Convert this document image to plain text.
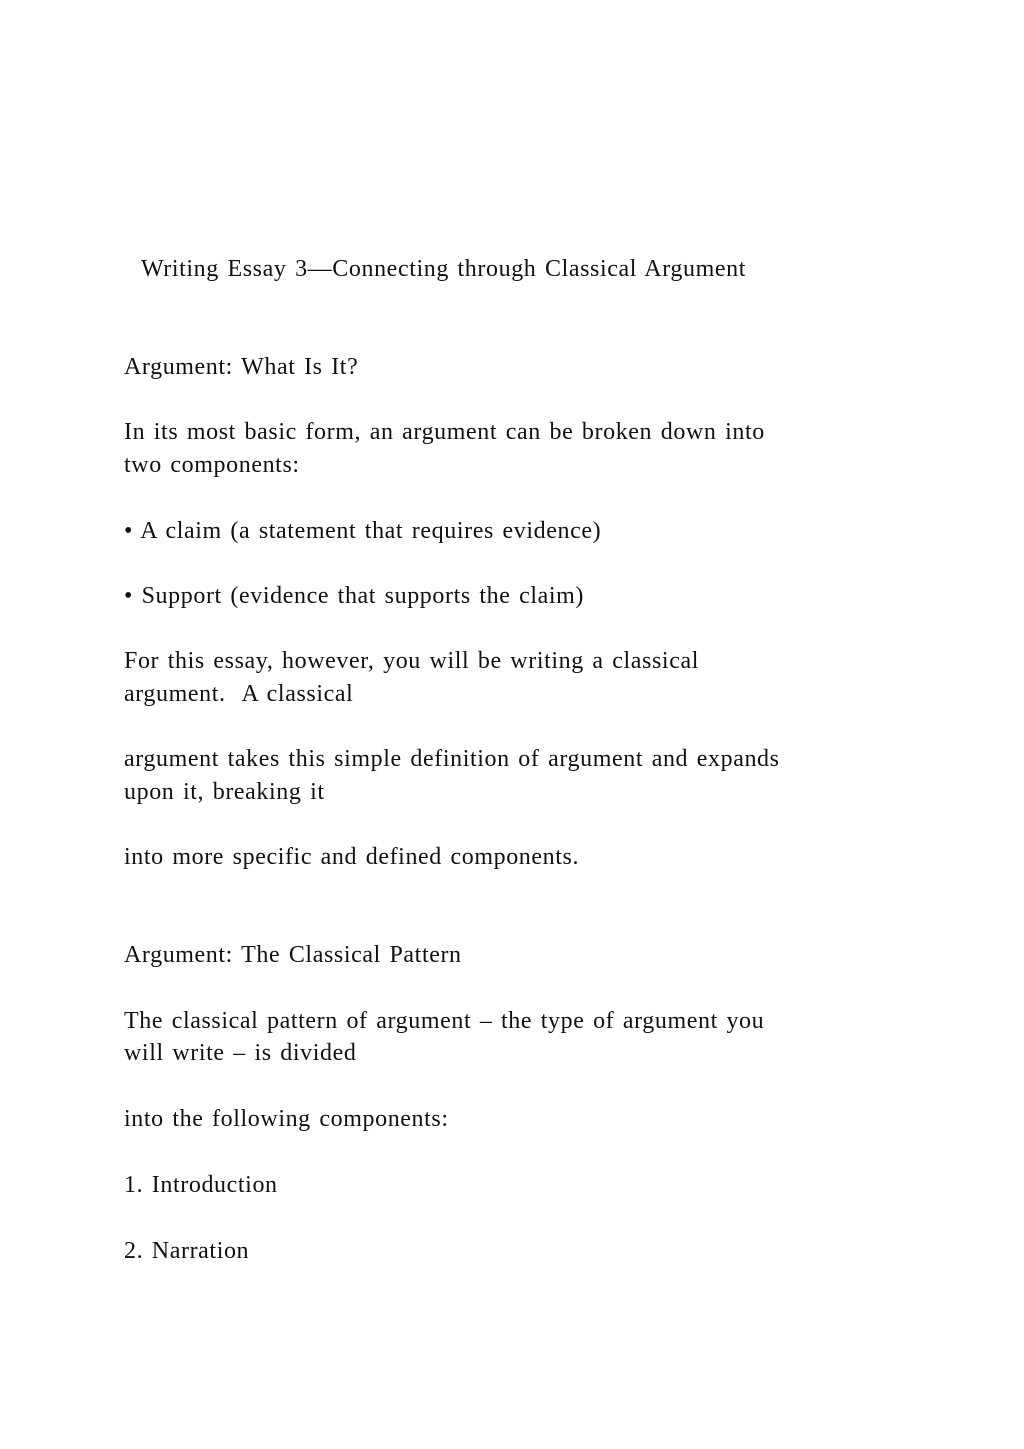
Writing Essay 3—Connecting through Classical Argument
Argument: What Is It?
In its most basic form, an argument can be broken down into
two components:
• A claim (a statement that requires evidence)
• Support (evidence that supports the claim)
For this essay, however, you will be writing a classical
argument.  A classical
argument takes this simple definition of argument and expands
upon it, breaking it
into more specific and defined components.
Argument: The Classical Pattern
The classical pattern of argument – the type of argument you
will write – is divided
into the following components:
1. Introduction
2. Narration
